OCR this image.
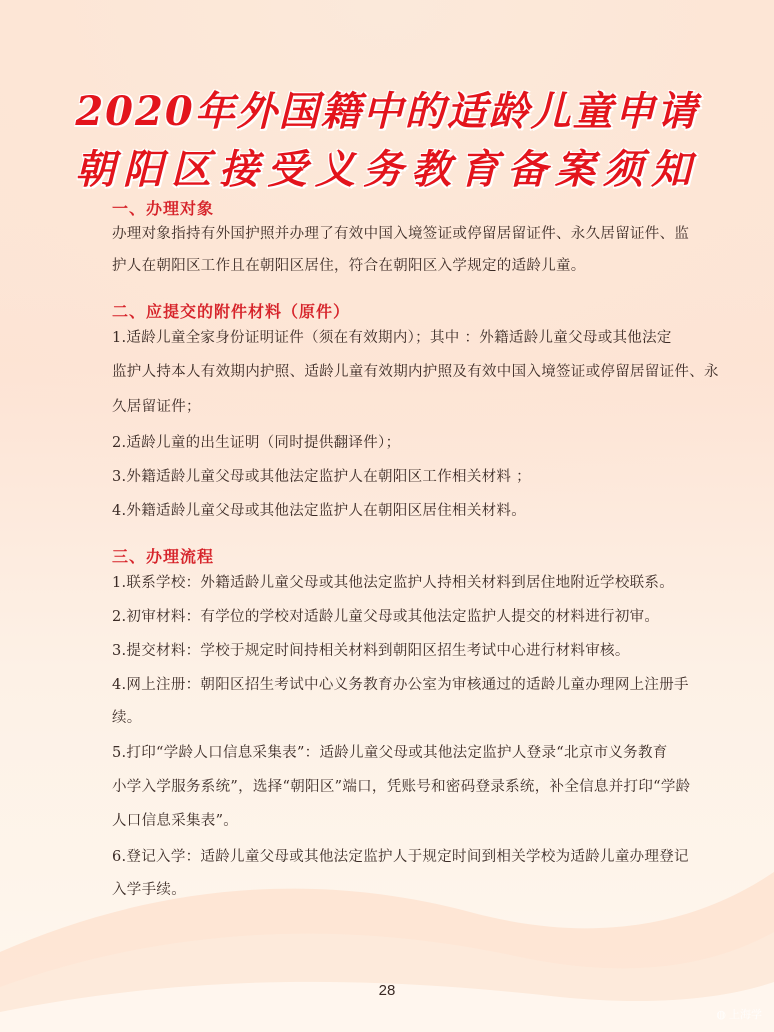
2020年外国籍中的适龄儿童申请
朝阳区接受义务教育备案须知
一、办理对象
办理对象指持有外国护照并办理了有效中国入境签证或停留居留证件、永久居留证件、监
护人在朝阳区工作且在朝阳区居住，符合在朝阳区入学规定的适龄儿童。
二、应提交的附件材料（原件）
1.适龄儿童全家身份证明证件（须在有效期内）；其中 ：外籍适龄儿童父母或其他法定
监护人持本人有效期内护照、适龄儿童有效期内护照及有效中国入境签证或停留居留证件、永
久居留证件；
2.适龄儿童的出生证明（同时提供翻译件）；
3.外籍适龄儿童父母或其他法定监护人在朝阳区工作相关材料 ；
4.外籍适龄儿童父母或其他法定监护人在朝阳区居住相关材料。
三、办理流程
1.联系学校：外籍适龄儿童父母或其他法定监护人持相关材料到居住地附近学校联系。
2.初审材料：有学位的学校对适龄儿童父母或其他法定监护人提交的材料进行初审。
3.提交材料：学校于规定时间持相关材料到朝阳区招生考试中心进行材料审核。
4.网上注册：朝阳区招生考试中心义务教育办公室为审核通过的适龄儿童办理网上注册手
续。
5.打印“学龄人口信息采集表”：适龄儿童父母或其他法定监护人登录“北京市义务教育
小学入学服务系统”，选择“朝阳区”端口，凭账号和密码登录系统，补全信息并打印“学龄
人口信息采集表”。
6.登记入学：适龄儿童父母或其他法定监护人于规定时间到相关学校为适龄儿童办理登记
入学手续。
28
◍ 上海学
